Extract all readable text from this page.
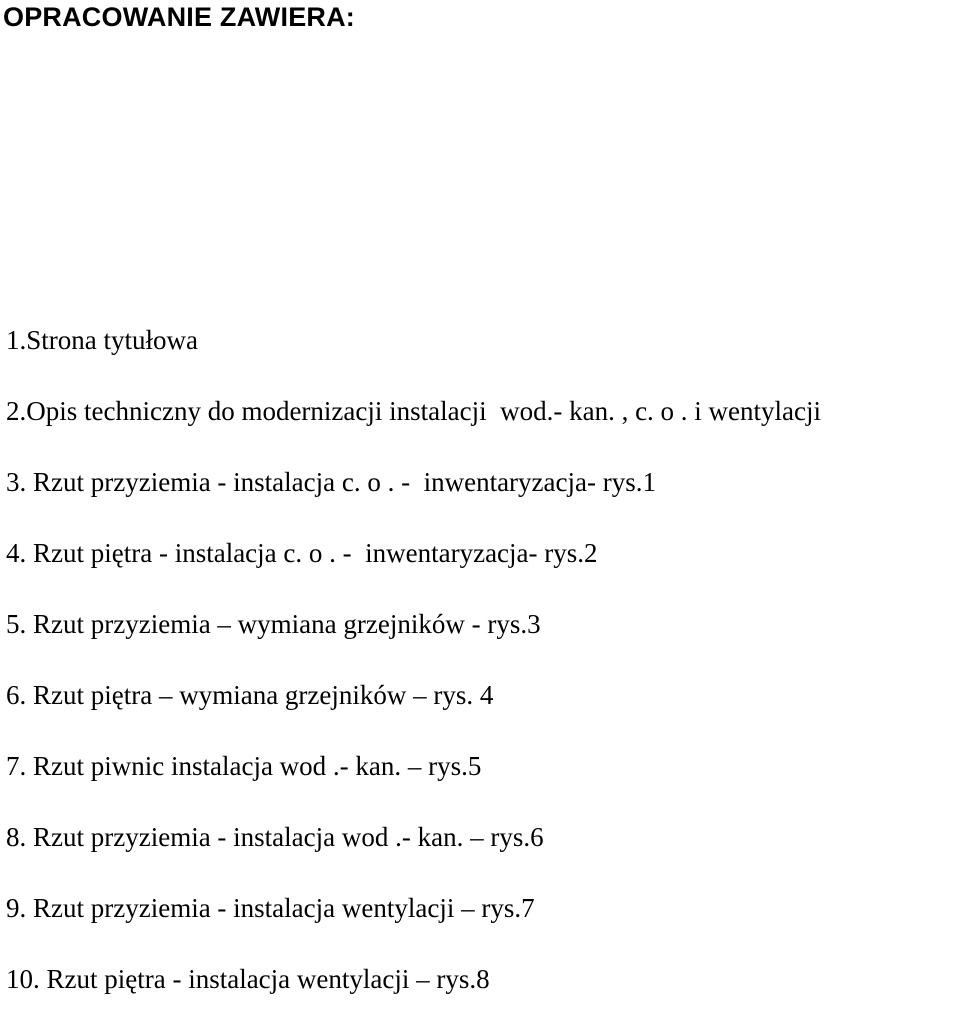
OPRACOWANIE ZAWIERA:
1.Strona tytułowa
2.Opis techniczny do modernizacji instalacji  wod.- kan. , c. o . i wentylacji
3. Rzut przyziemia - instalacja c. o . -  inwentaryzacja- rys.1
4. Rzut piętra - instalacja c. o . -  inwentaryzacja- rys.2
5. Rzut przyziemia – wymiana grzejników - rys.3
6. Rzut piętra – wymiana grzejników – rys. 4
7. Rzut piwnic instalacja wod .- kan. – rys.5
8. Rzut przyziemia - instalacja wod .- kan. – rys.6
9. Rzut przyziemia - instalacja wentylacji – rys.7
10. Rzut piętra - instalacja wentylacji – rys.8
